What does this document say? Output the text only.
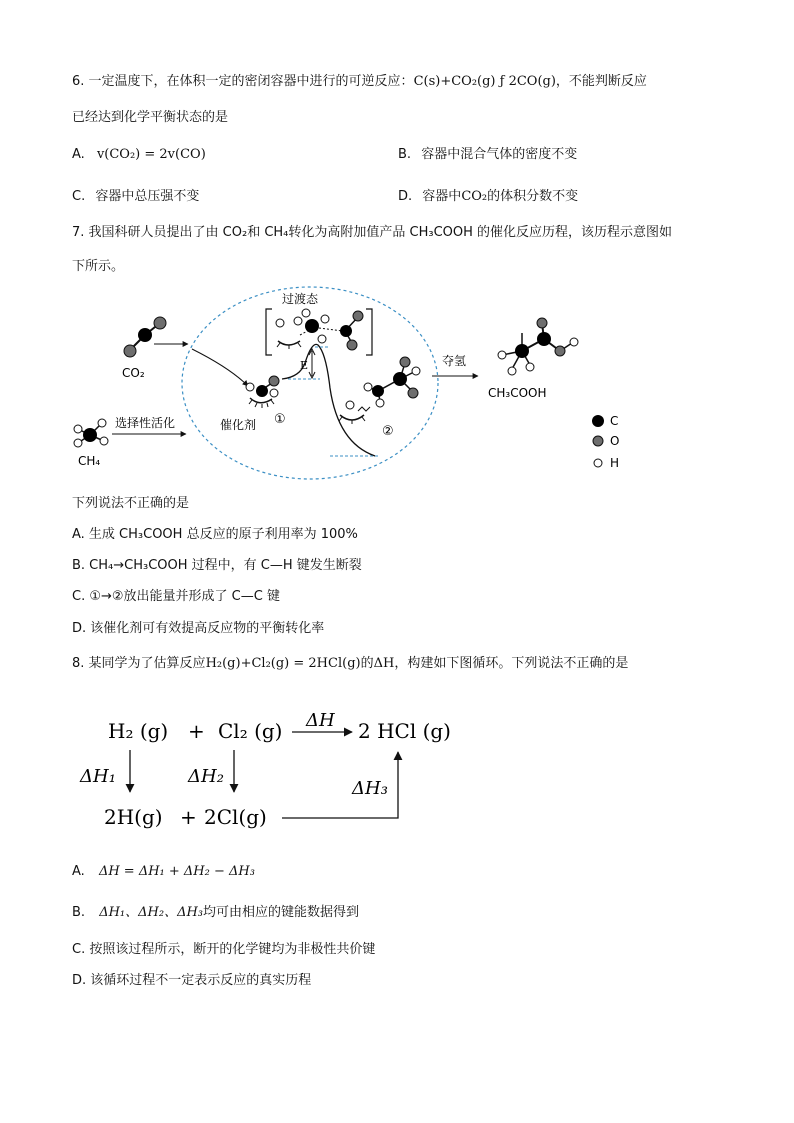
6. 一定温度下，在体积一定的密闭容器中进行的可逆反应：C(s)+CO₂(g) ƒ 2CO(g)，不能判断反应
已经达到化学平衡状态的是
A. v(CO₂) = 2v(CO)	B. 容器中混合气体的密度不变
C. 容器中总压强不变	D. 容器中CO₂的体积分数不变
7. 我国科研人员提出了由 CO₂和 CH₄转化为高附加值产品 CH₃COOH 的催化反应历程，该历程示意图如
下所示。
CO₂
CH₄
选择性活化	催化剂 ①
E
过渡态
②
夺氢
CH₃COOH
C
O
H
下列说法不正确的是
A. 生成 CH₃COOH 总反应的原子利用率为 100%
B. CH₄→CH₃COOH 过程中，有 C—H 键发生断裂
C. ①→②放出能量并形成了 C—C 键
D. 该催化剂可有效提高反应物的平衡转化率
8. 某同学为了估算反应H₂(g)+Cl₂(g) = 2HCl(g)的ΔH，构建如下图循环。下列说法不正确的是
H₂ (g) + Cl₂ (g) ΔH 2 HCl (g)
ΔH₁	ΔH₂
2H(g) + 2Cl(g)
ΔH₃
A. ΔH = ΔH₁ + ΔH₂ − ΔH₃
B. ΔH₁、ΔH₂、ΔH₃均可由相应的键能数据得到
C. 按照该过程所示，断开的化学键均为非极性共价键
D. 该循环过程不一定表示反应的真实历程
